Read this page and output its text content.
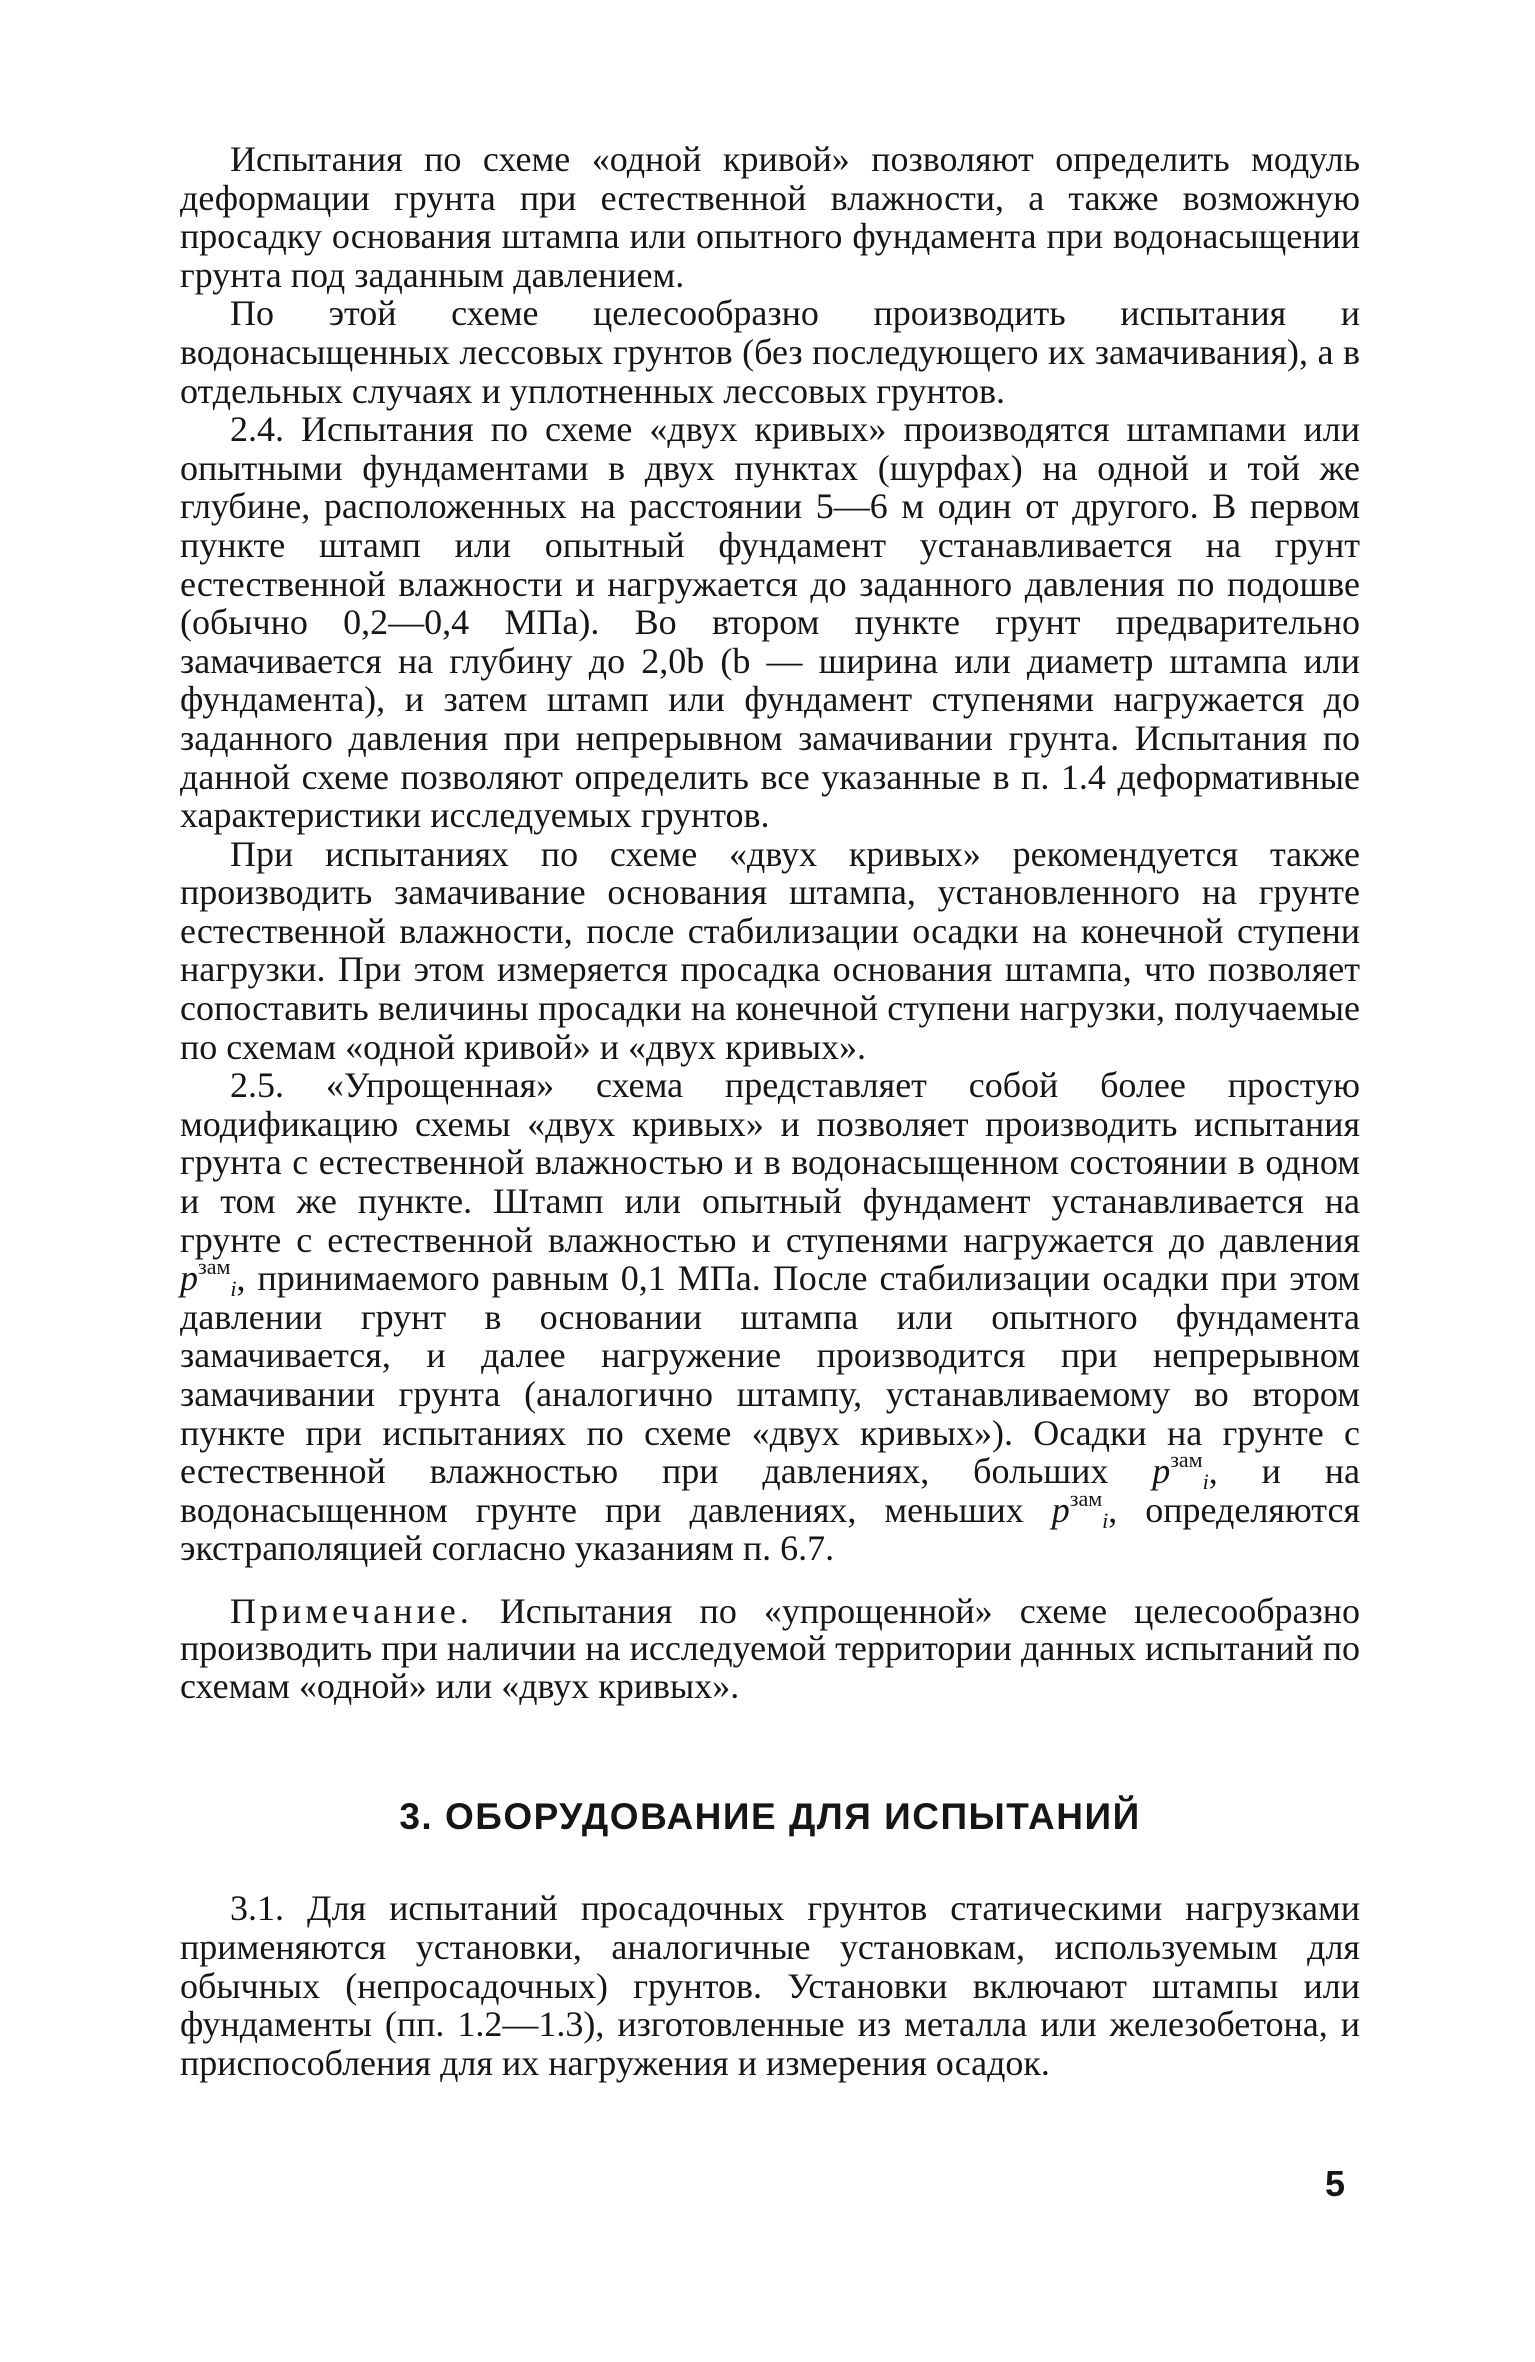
Испытания по схеме «одной кривой» позволяют определить модуль деформации грунта при естественной влажности, а также возможную просадку основания штампа или опытного фундамента при водонасыщении грунта под заданным давлением.

По этой схеме целесообразно производить испытания и водонасыщенных лессовых грунтов (без последующего их замачивания), а в отдельных случаях и уплотненных лессовых грунтов.

2.4. Испытания по схеме «двух кривых» производятся штампами или опытными фундаментами в двух пунктах (шурфах) на одной и той же глубине, расположенных на расстоянии 5—6 м один от другого. В первом пункте штамп или опытный фундамент устанавливается на грунт естественной влажности и нагружается до заданного давления по подошве (обычно 0,2—0,4 МПа). Во втором пункте грунт предварительно замачивается на глубину до 2,0b (b — ширина или диаметр штампа или фундамента), и затем штамп или фундамент ступенями нагружается до заданного давления при непрерывном замачивании грунта. Испытания по данной схеме позволяют определить все указанные в п. 1.4 деформативные характеристики исследуемых грунтов.

При испытаниях по схеме «двух кривых» рекомендуется также производить замачивание основания штампа, установленного на грунте естественной влажности, после стабилизации осадки на конечной ступени нагрузки. При этом измеряется просадка основания штампа, что позволяет сопоставить величины просадки на конечной ступени нагрузки, получаемые по схемам «одной кривой» и «двух кривых».

2.5. «Упрощенная» схема представляет собой более простую модификацию схемы «двух кривых» и позволяет производить испытания грунта с естественной влажностью и в водонасыщенном состоянии в одном и том же пункте. Штамп или опытный фундамент устанавливается на грунте с естественной влажностью и ступенями нагружается до давления $p^{зам}_i$, принимаемого равным 0,1 МПа. После стабилизации осадки при этом давлении грунт в основании штампа или опытного фундамента замачивается, и далее нагружение производится при непрерывном замачивании грунта (аналогично штампу, устанавливаемому во втором пункте при испытаниях по схеме «двух кривых»). Осадки на грунте с естественной влажностью при давлениях, больших $p^{зам}_i$, и на водонасыщенном грунте при давлениях, меньших $p^{зам}_i$, определяются экстраполяцией согласно указаниям п. 6.7.

Примечание. Испытания по «упрощенной» схеме целесообразно производить при наличии на исследуемой территории данных испытаний по схемам «одной» или «двух кривых».

3. ОБОРУДОВАНИЕ ДЛЯ ИСПЫТАНИЙ

3.1. Для испытаний просадочных грунтов статическими нагрузками применяются установки, аналогичные установкам, используемым для обычных (непросадочных) грунтов. Установки включают штампы или фундаменты (пп. 1.2—1.3), изготовленные из металла или железобетона, и приспособления для их нагружения и измерения осадок.

5
